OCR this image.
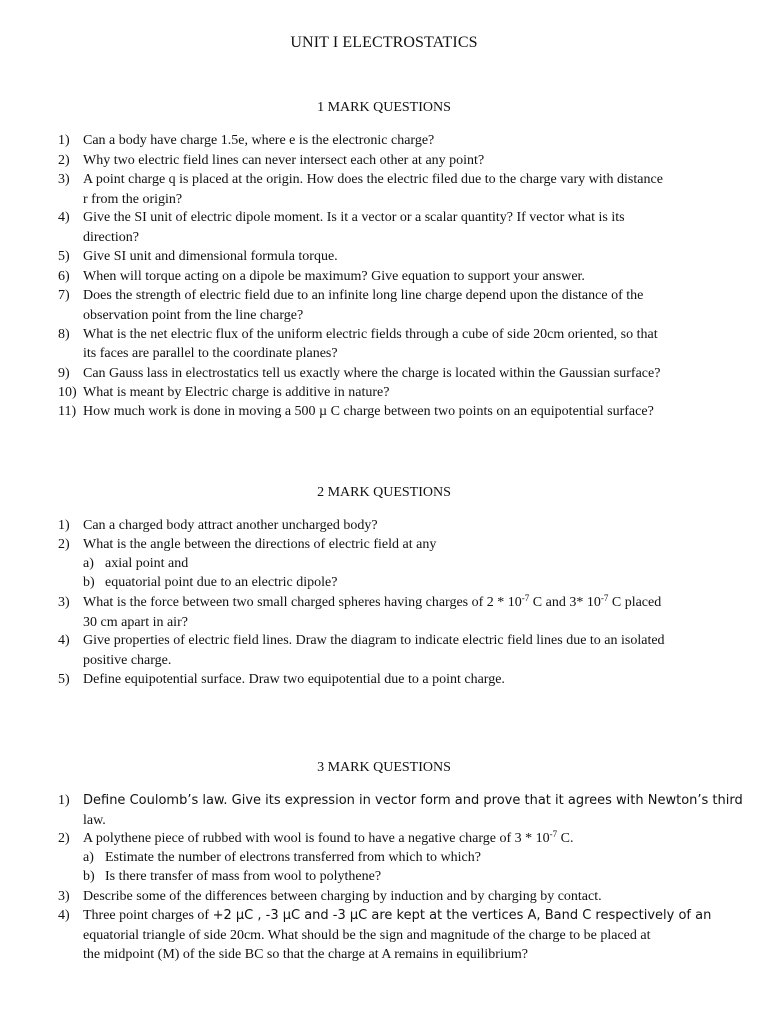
UNIT I ELECTROSTATICS
1 MARK QUESTIONS
1) Can a body have charge 1.5e, where e is the electronic charge?
2) Why two electric field lines can never intersect each other at any point?
3) A point charge q is placed at the origin. How does the electric filed due to the charge vary with distance
r from the origin?
4) Give the SI unit of electric dipole moment. Is it a vector or a scalar quantity? If vector what is its
direction?
5) Give SI unit and dimensional formula torque.
6) When will torque acting on a dipole be maximum? Give equation to support your answer.
7) Does the strength of electric field due to an infinite long line charge depend upon the distance of the
observation point from the line charge?
8) What is the net electric flux of the uniform electric fields through a cube of side 20cm oriented, so that
its faces are parallel to the coordinate planes?
9) Can Gauss lass in electrostatics tell us exactly where the charge is located within the Gaussian surface?
10) What is meant by Electric charge is additive in nature?
11) How much work is done in moving a 500 µ C charge between two points on an equipotential surface?
2 MARK QUESTIONS
1) Can a charged body attract another uncharged body?
2) What is the angle between the directions of electric field at any
a) axial point and
b) equatorial point due to an electric dipole?
3) What is the force between two small charged spheres having charges of $2 * 10^{-7}$ C and 3* $10^{-7}$ C placed
30 cm apart in air?
4) Give properties of electric field lines. Draw the diagram to indicate electric field lines due to an isolated
positive charge.
5) Define equipotential surface. Draw two equipotential due to a point charge.
3 MARK QUESTIONS
1) Define Coulomb’s law. Give its expression in vector form and prove that it agrees with Newton’s third
law.
2) A polythene piece of rubbed with wool is found to have a negative charge of $3 * 10^{-7}$ C.
a) Estimate the number of electrons transferred from which to which?
b) Is there transfer of mass from wool to polythene?
3) Describe some of the differences between charging by induction and by charging by contact.
4) Three point charges of +2 µC , -3 µC and -3 µC are kept at the vertices A, Band C respectively of an
equatorial triangle of side 20cm. What should be the sign and magnitude of the charge to be placed at
the midpoint (M) of the side BC so that the charge at A remains in equilibrium?
